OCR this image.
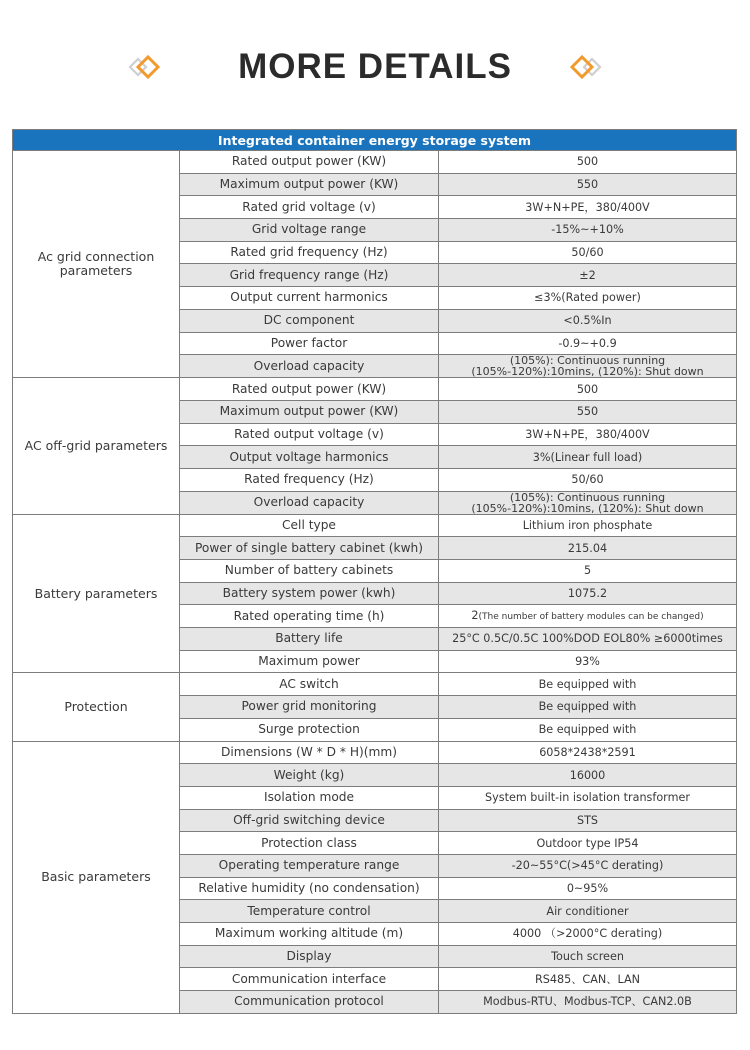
MORE DETAILS
Integrated container energy storage system		
Ac grid connection parameters	Rated output power (KW)	500
	Maximum output power (KW)	550
	Rated grid voltage (v)	3W+N+PE，380/400V
	Grid voltage range	-15%~+10%
	Rated grid frequency (Hz)	50/60
	Grid frequency range (Hz)	±2
	Output current harmonics	≤3%(Rated power)
	DC component	<0.5%In
	Power factor	-0.9~+0.9
	Overload capacity	(105%): Continuous running
(105%-120%):10mins, (120%): Shut down

AC off-grid parameters	Rated output power (KW)	500
	Maximum output power (KW)	550
	Rated output voltage (v)	3W+N+PE，380/400V
	Output voltage harmonics	3%(Linear full load)
	Rated frequency (Hz)	50/60
	Overload capacity	(105%): Continuous running
(105%-120%):10mins, (120%): Shut down

Battery parameters	Cell type	Lithium iron phosphate
	Power of single battery cabinet (kwh)	215.04
	Number of battery cabinets	5
	Battery system power (kwh)	1075.2
	Rated operating time (h)	2(The number of battery modules can be changed)
	Battery life	25°C 0.5C/0.5C 100%DOD EOL80% ≥6000times
	Maximum power	93%
Protection	AC switch	Be equipped with
	Power grid monitoring	Be equipped with
	Surge protection	Be equipped with
Basic parameters	Dimensions (W * D * H)(mm)	6058*2438*2591
	Weight (kg)	16000
	Isolation mode	System built-in isolation transformer
	Off-grid switching device	STS
	Protection class	Outdoor type IP54
	Operating temperature range	-20~55°C(>45°C derating)
	Relative humidity (no condensation)	0~95%
	Temperature control	Air conditioner
	Maximum working altitude (m)	4000 （>2000°C derating)
	Display	Touch screen
	Communication interface	RS485、CAN、LAN
	Communication protocol	Modbus-RTU、Modbus-TCP、CAN2.0B
